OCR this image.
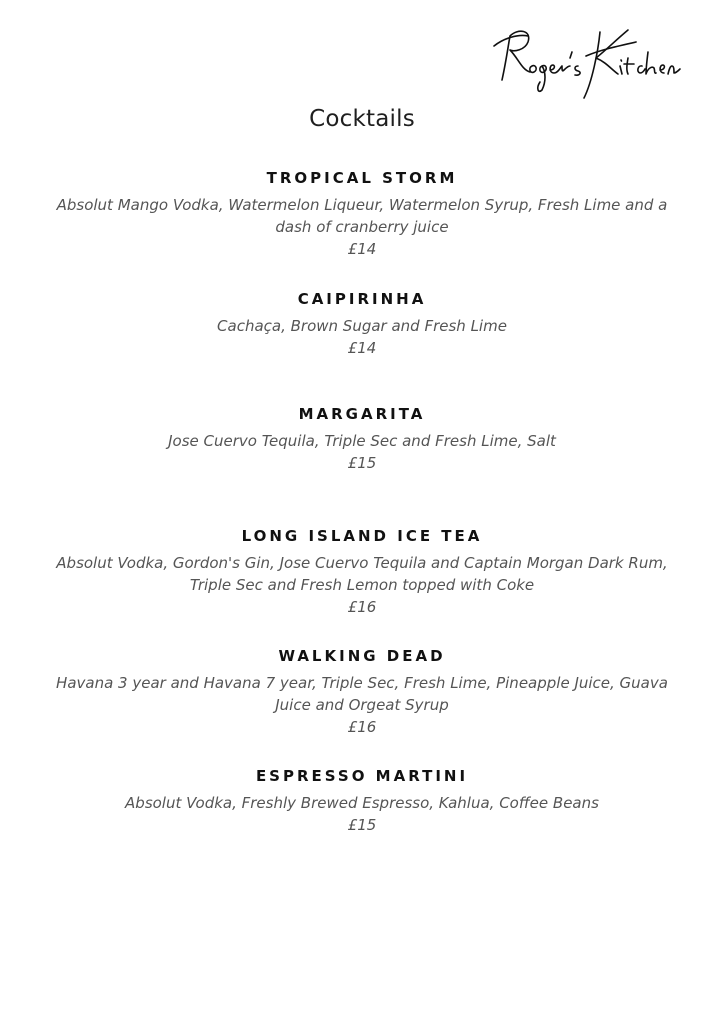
Cocktails
TROPICAL STORM
Absolut Mango Vodka, Watermelon Liqueur, Watermelon Syrup, Fresh Lime and a dash of cranberry juice
£14
CAIPIRINHA
Cachaça, Brown Sugar and Fresh Lime
£14
MARGARITA
Jose Cuervo Tequila, Triple Sec and Fresh Lime, Salt
£15
LONG ISLAND ICE TEA
Absolut Vodka, Gordon's Gin, Jose Cuervo Tequila and Captain Morgan Dark Rum, Triple Sec and Fresh Lemon topped with Coke
£16
WALKING DEAD
Havana 3 year and Havana 7 year, Triple Sec, Fresh Lime, Pineapple Juice, Guava Juice and Orgeat Syrup
£16
ESPRESSO MARTINI
Absolut Vodka, Freshly Brewed Espresso, Kahlua, Coffee Beans
£15
